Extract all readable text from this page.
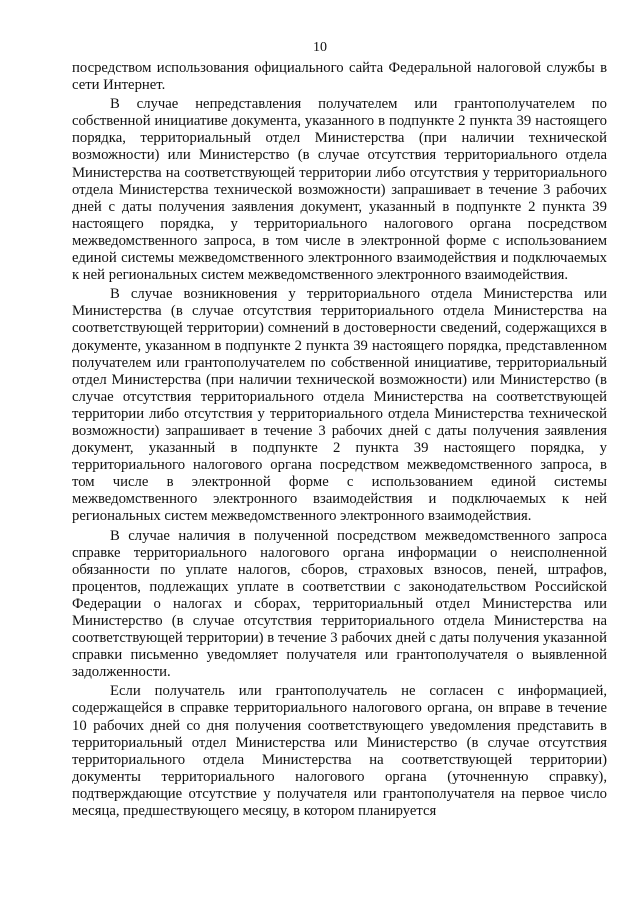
10

посредством использования официального сайта Федеральной налоговой службы в сети Интернет.

В случае непредставления получателем или грантополучателем по собственной инициативе документа, указанного в подпункте 2 пункта 39 настоящего порядка, территориальный отдел Министерства (при наличии технической возможности) или Министерство (в случае отсутствия территориального отдела Министерства на соответствующей территории либо отсутствия у территориального отдела Министерства технической возможности) запрашивает в течение 3 рабочих дней с даты получения заявления документ, указанный в подпункте 2 пункта 39 настоящего порядка, у территориального налогового органа посредством межведомственного запроса, в том числе в электронной форме с использованием единой системы межведомственного электронного взаимодействия и подключаемых к ней региональных систем межведомственного электронного взаимодействия.

В случае возникновения у территориального отдела Министерства или Министерства (в случае отсутствия территориального отдела Министерства на соответствующей территории) сомнений в достоверности сведений, содержащихся в документе, указанном в подпункте 2 пункта 39 настоящего порядка, представленном получателем или грантополучателем по собственной инициативе, территориальный отдел Министерства (при наличии технической возможности) или Министерство (в случае отсутствия территориального отдела Министерства на соответствующей территории либо отсутствия у территориального отдела Министерства технической возможности) запрашивает в течение 3 рабочих дней с даты получения заявления документ, указанный в подпункте 2 пункта 39 настоящего порядка, у территориального налогового органа посредством межведомственного запроса, в том числе в электронной форме с использованием единой системы межведомственного электронного взаимодействия и подключаемых к ней региональных систем межведомственного электронного взаимодействия.

В случае наличия в полученной посредством межведомственного запроса справке территориального налогового органа информации о неисполненной обязанности по уплате налогов, сборов, страховых взносов, пеней, штрафов, процентов, подлежащих уплате в соответствии с законодательством Российской Федерации о налогах и сборах, территориальный отдел Министерства или Министерство (в случае отсутствия территориального отдела Министерства на соответствующей территории) в течение 3 рабочих дней с даты получения указанной справки письменно уведомляет получателя или грантополучателя о выявленной задолженности.

Если получатель или грантополучатель не согласен с информацией, содержащейся в справке территориального налогового органа, он вправе в течение 10 рабочих дней со дня получения соответствующего уведомления представить в территориальный отдел Министерства или Министерство (в случае отсутствия территориального отдела Министерства на соответствующей территории) документы территориального налогового органа (уточненную справку), подтверждающие отсутствие у получателя или грантополучателя на первое число месяца, предшествующего месяцу, в котором планируется
